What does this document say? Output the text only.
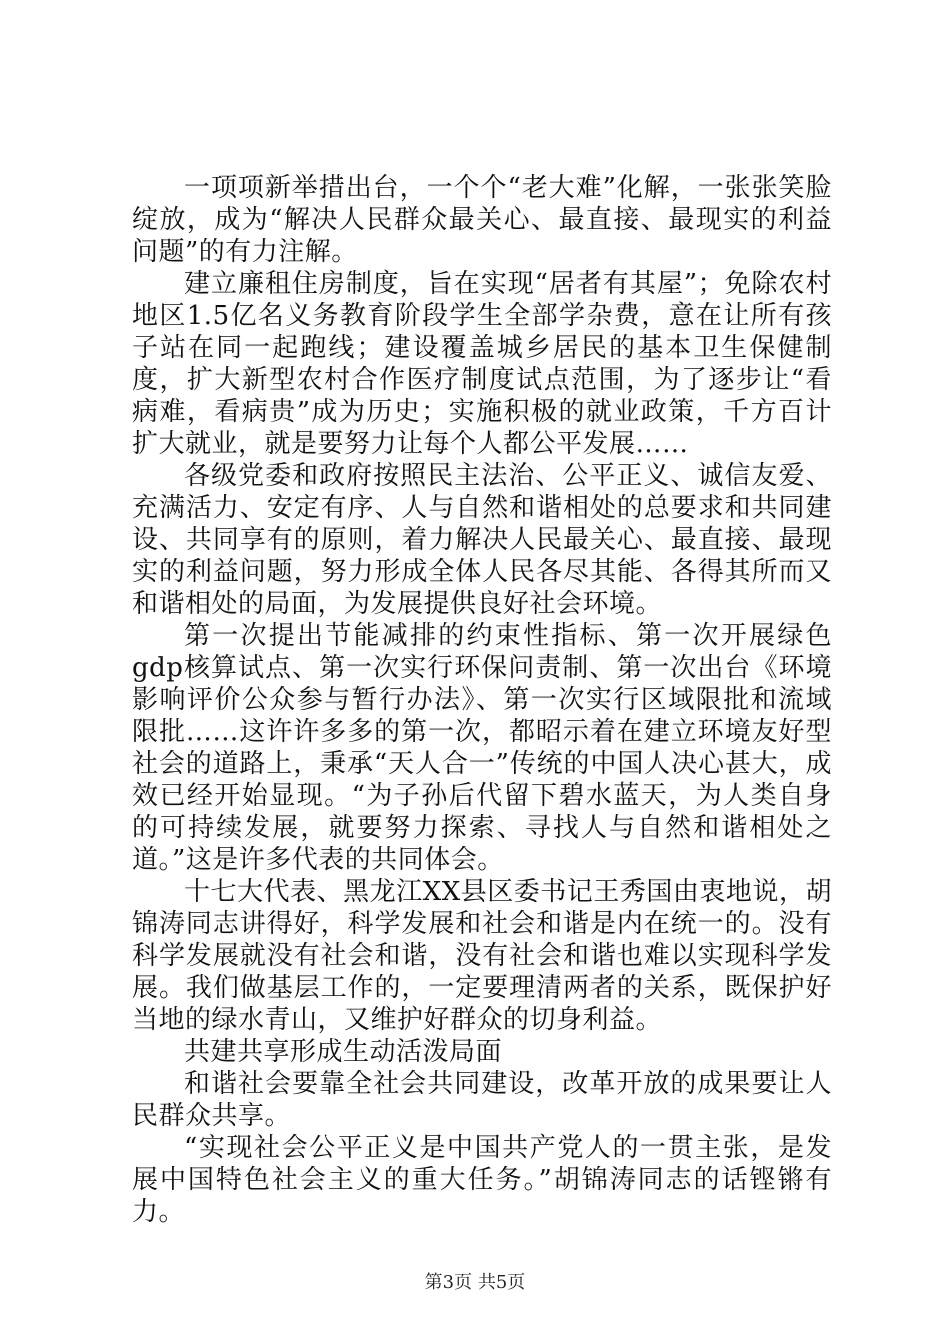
一项项新举措出台，一个个“老大难”化解，一张张笑脸绽放，成为“解决人民群众最关心、最直接、最现实的利益问题”的有力注解。

建立廉租住房制度，旨在实现“居者有其屋”；免除农村地区1.5亿名义务教育阶段学生全部学杂费，意在让所有孩子站在同一起跑线；建设覆盖城乡居民的基本卫生保健制度，扩大新型农村合作医疗制度试点范围，为了逐步让“看病难，看病贵”成为历史；实施积极的就业政策，千方百计扩大就业，就是要努力让每个人都公平发展……

各级党委和政府按照民主法治、公平正义、诚信友爱、充满活力、安定有序、人与自然和谐相处的总要求和共同建设、共同享有的原则，着力解决人民最关心、最直接、最现实的利益问题，努力形成全体人民各尽其能、各得其所而又和谐相处的局面，为发展提供良好社会环境。

第一次提出节能减排的约束性指标、第一次开展绿色gdp核算试点、第一次实行环保问责制、第一次出台《环境影响评价公众参与暂行办法》、第一次实行区域限批和流域限批……这许许多多的第一次，都昭示着在建立环境友好型社会的道路上，秉承“天人合一”传统的中国人决心甚大，成效已经开始显现。“为子孙后代留下碧水蓝天，为人类自身的可持续发展，就要努力探索、寻找人与自然和谐相处之道。”这是许多代表的共同体会。

十七大代表、黑龙江XX县区委书记王秀国由衷地说，胡锦涛同志讲得好，科学发展和社会和谐是内在统一的。没有科学发展就没有社会和谐，没有社会和谐也难以实现科学发展。我们做基层工作的，一定要理清两者的关系，既保护好当地的绿水青山，又维护好群众的切身利益。

共建共享形成生动活泼局面

和谐社会要靠全社会共同建设，改革开放的成果要让人民群众共享。

“实现社会公平正义是中国共产党人的一贯主张，是发展中国特色社会主义的重大任务。”胡锦涛同志的话铿锵有力。

第3页 共5页
